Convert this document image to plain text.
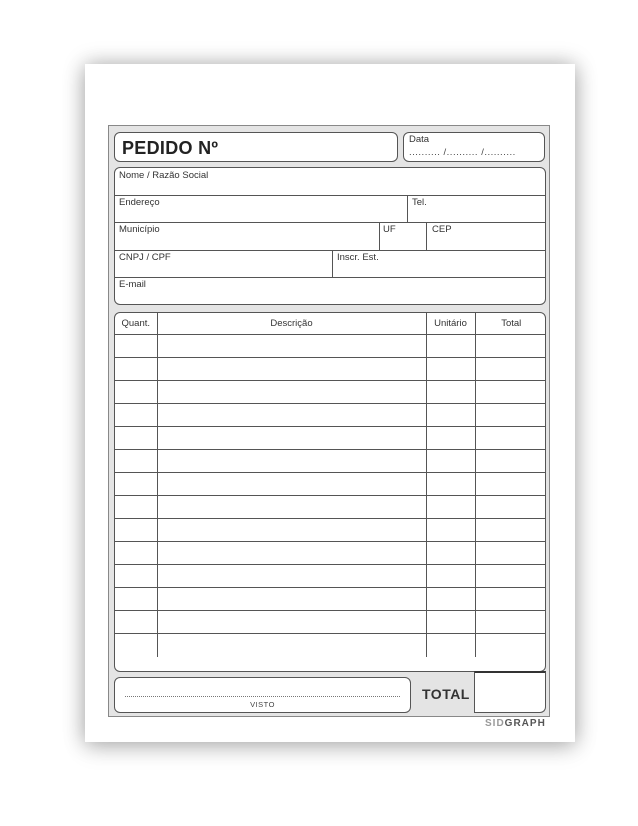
PEDIDO Nº	Data
.......... /.......... /..........
Nome / Razão Social
Endereço	Tel.
Município	UF	CEP
CNPJ / CPF	Inscr. Est.
E-mail
Quant.	Descrição	Unitário	Total

VISTO
TOTAL
SIDGRAPH
